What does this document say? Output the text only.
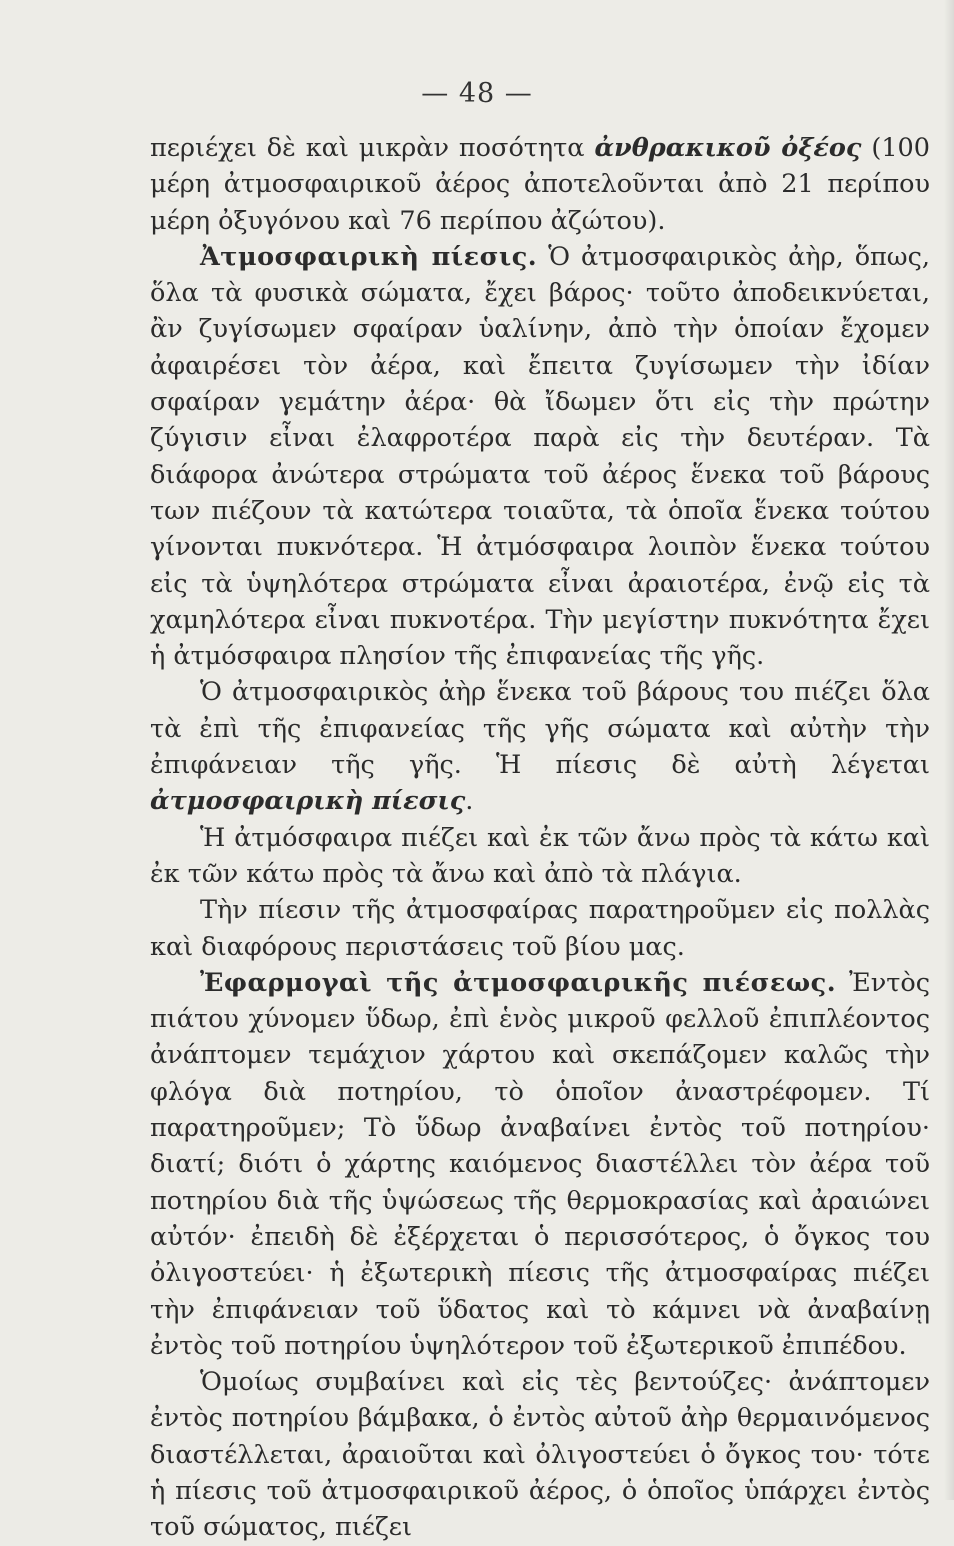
— 48 —

περιέχει δὲ καὶ μικρὰν ποσότητα ἀνθρακικοῦ ὀξέος (100 μέρη ἀτμοσφαιρικοῦ ἀέρος ἀποτελοῦνται ἀπὸ 21 περίπου μέρη ὀξυγόνου καὶ 76 περίπου ἀζώτου).

Ἀτμοσφαιρικὴ πίεσις. Ὁ ἀτμοσφαιρικὸς ἀὴρ, ὅπως, ὅλα τὰ φυσικὰ σώματα, ἔχει βάρος· τοῦτο ἀποδεικνύεται, ἂν ζυγίσωμεν σφαίραν ὑαλίνην, ἀπὸ τὴν ὁποίαν ἔχομεν ἀφαιρέσει τὸν ἀέρα, καὶ ἔπειτα ζυγίσωμεν τὴν ἰδίαν σφαίραν γεμάτην ἀέρα· θὰ ἴδωμεν ὅτι εἰς τὴν πρώτην ζύγισιν εἶναι ἐλαφροτέρα παρὰ εἰς τὴν δευτέραν. Τὰ διάφορα ἀνώτερα στρώματα τοῦ ἀέρος ἕνεκα τοῦ βάρους των πιέζουν τὰ κατώτερα τοιαῦτα, τὰ ὁποῖα ἕνεκα τούτου γίνονται πυκνότερα. Ἡ ἀτμόσφαιρα λοιπὸν ἕνεκα τούτου εἰς τὰ ὑψηλότερα στρώματα εἶναι ἀραιοτέρα, ἐνῷ εἰς τὰ χαμηλότερα εἶναι πυκνοτέρα. Τὴν μεγίστην πυκνότητα ἔχει ἡ ἀτμόσφαιρα πλησίον τῆς ἐπιφανείας τῆς γῆς.

Ὁ ἀτμοσφαιρικὸς ἀὴρ ἕνεκα τοῦ βάρους του πιέζει ὅλα τὰ ἐπὶ τῆς ἐπιφανείας τῆς γῆς σώματα καὶ αὐτὴν τὴν ἐπιφάνειαν τῆς γῆς. Ἡ πίεσις δὲ αὐτὴ λέγεται ἀτμοσφαιρικὴ πίεσις.

Ἡ ἀτμόσφαιρα πιέζει καὶ ἐκ τῶν ἄνω πρὸς τὰ κάτω καὶ ἐκ τῶν κάτω πρὸς τὰ ἄνω καὶ ἀπὸ τὰ πλάγια.

Τὴν πίεσιν τῆς ἀτμοσφαίρας παρατηροῦμεν εἰς πολλὰς καὶ διαφόρους περιστάσεις τοῦ βίου μας.

Ἐφαρμογαὶ τῆς ἀτμοσφαιρικῆς πιέσεως. Ἐντὸς πιάτου χύνομεν ὕδωρ, ἐπὶ ἑνὸς μικροῦ φελλοῦ ἐπιπλέοντος ἀνάπτομεν τεμάχιον χάρτου καὶ σκεπάζομεν καλῶς τὴν φλόγα διὰ ποτηρίου, τὸ ὁποῖον ἀναστρέφομεν. Τί παρατηροῦμεν; Τὸ ὕδωρ ἀναβαίνει ἐντὸς τοῦ ποτηρίου· διατί; διότι ὁ χάρτης καιόμενος διαστέλλει τὸν ἀέρα τοῦ ποτηρίου διὰ τῆς ὑψώσεως τῆς θερμοκρασίας καὶ ἀραιώνει αὐτόν· ἐπειδὴ δὲ ἐξέρχεται ὁ περισσότερος, ὁ ὄγκος του ὀλιγοστεύει· ἡ ἐξωτερικὴ πίεσις τῆς ἀτμοσφαίρας πιέζει τὴν ἐπιφάνειαν τοῦ ὕδατος καὶ τὸ κάμνει νὰ ἀναβαίνῃ ἐντὸς τοῦ ποτηρίου ὑψηλότερον τοῦ ἐξωτερικοῦ ἐπιπέδου.

Ὁμοίως συμβαίνει καὶ εἰς τὲς βεντούζες· ἀνάπτομεν ἐντὸς ποτηρίου βάμβακα, ὁ ἐντὸς αὐτοῦ ἀὴρ θερμαινόμενος διαστέλλεται, ἀραιοῦται καὶ ὀλιγοστεύει ὁ ὄγκος του· τότε ἡ πίεσις τοῦ ἀτμοσφαιρικοῦ ἀέρος, ὁ ὁποῖος ὑπάρχει ἐντὸς τοῦ σώματος, πιέζει
